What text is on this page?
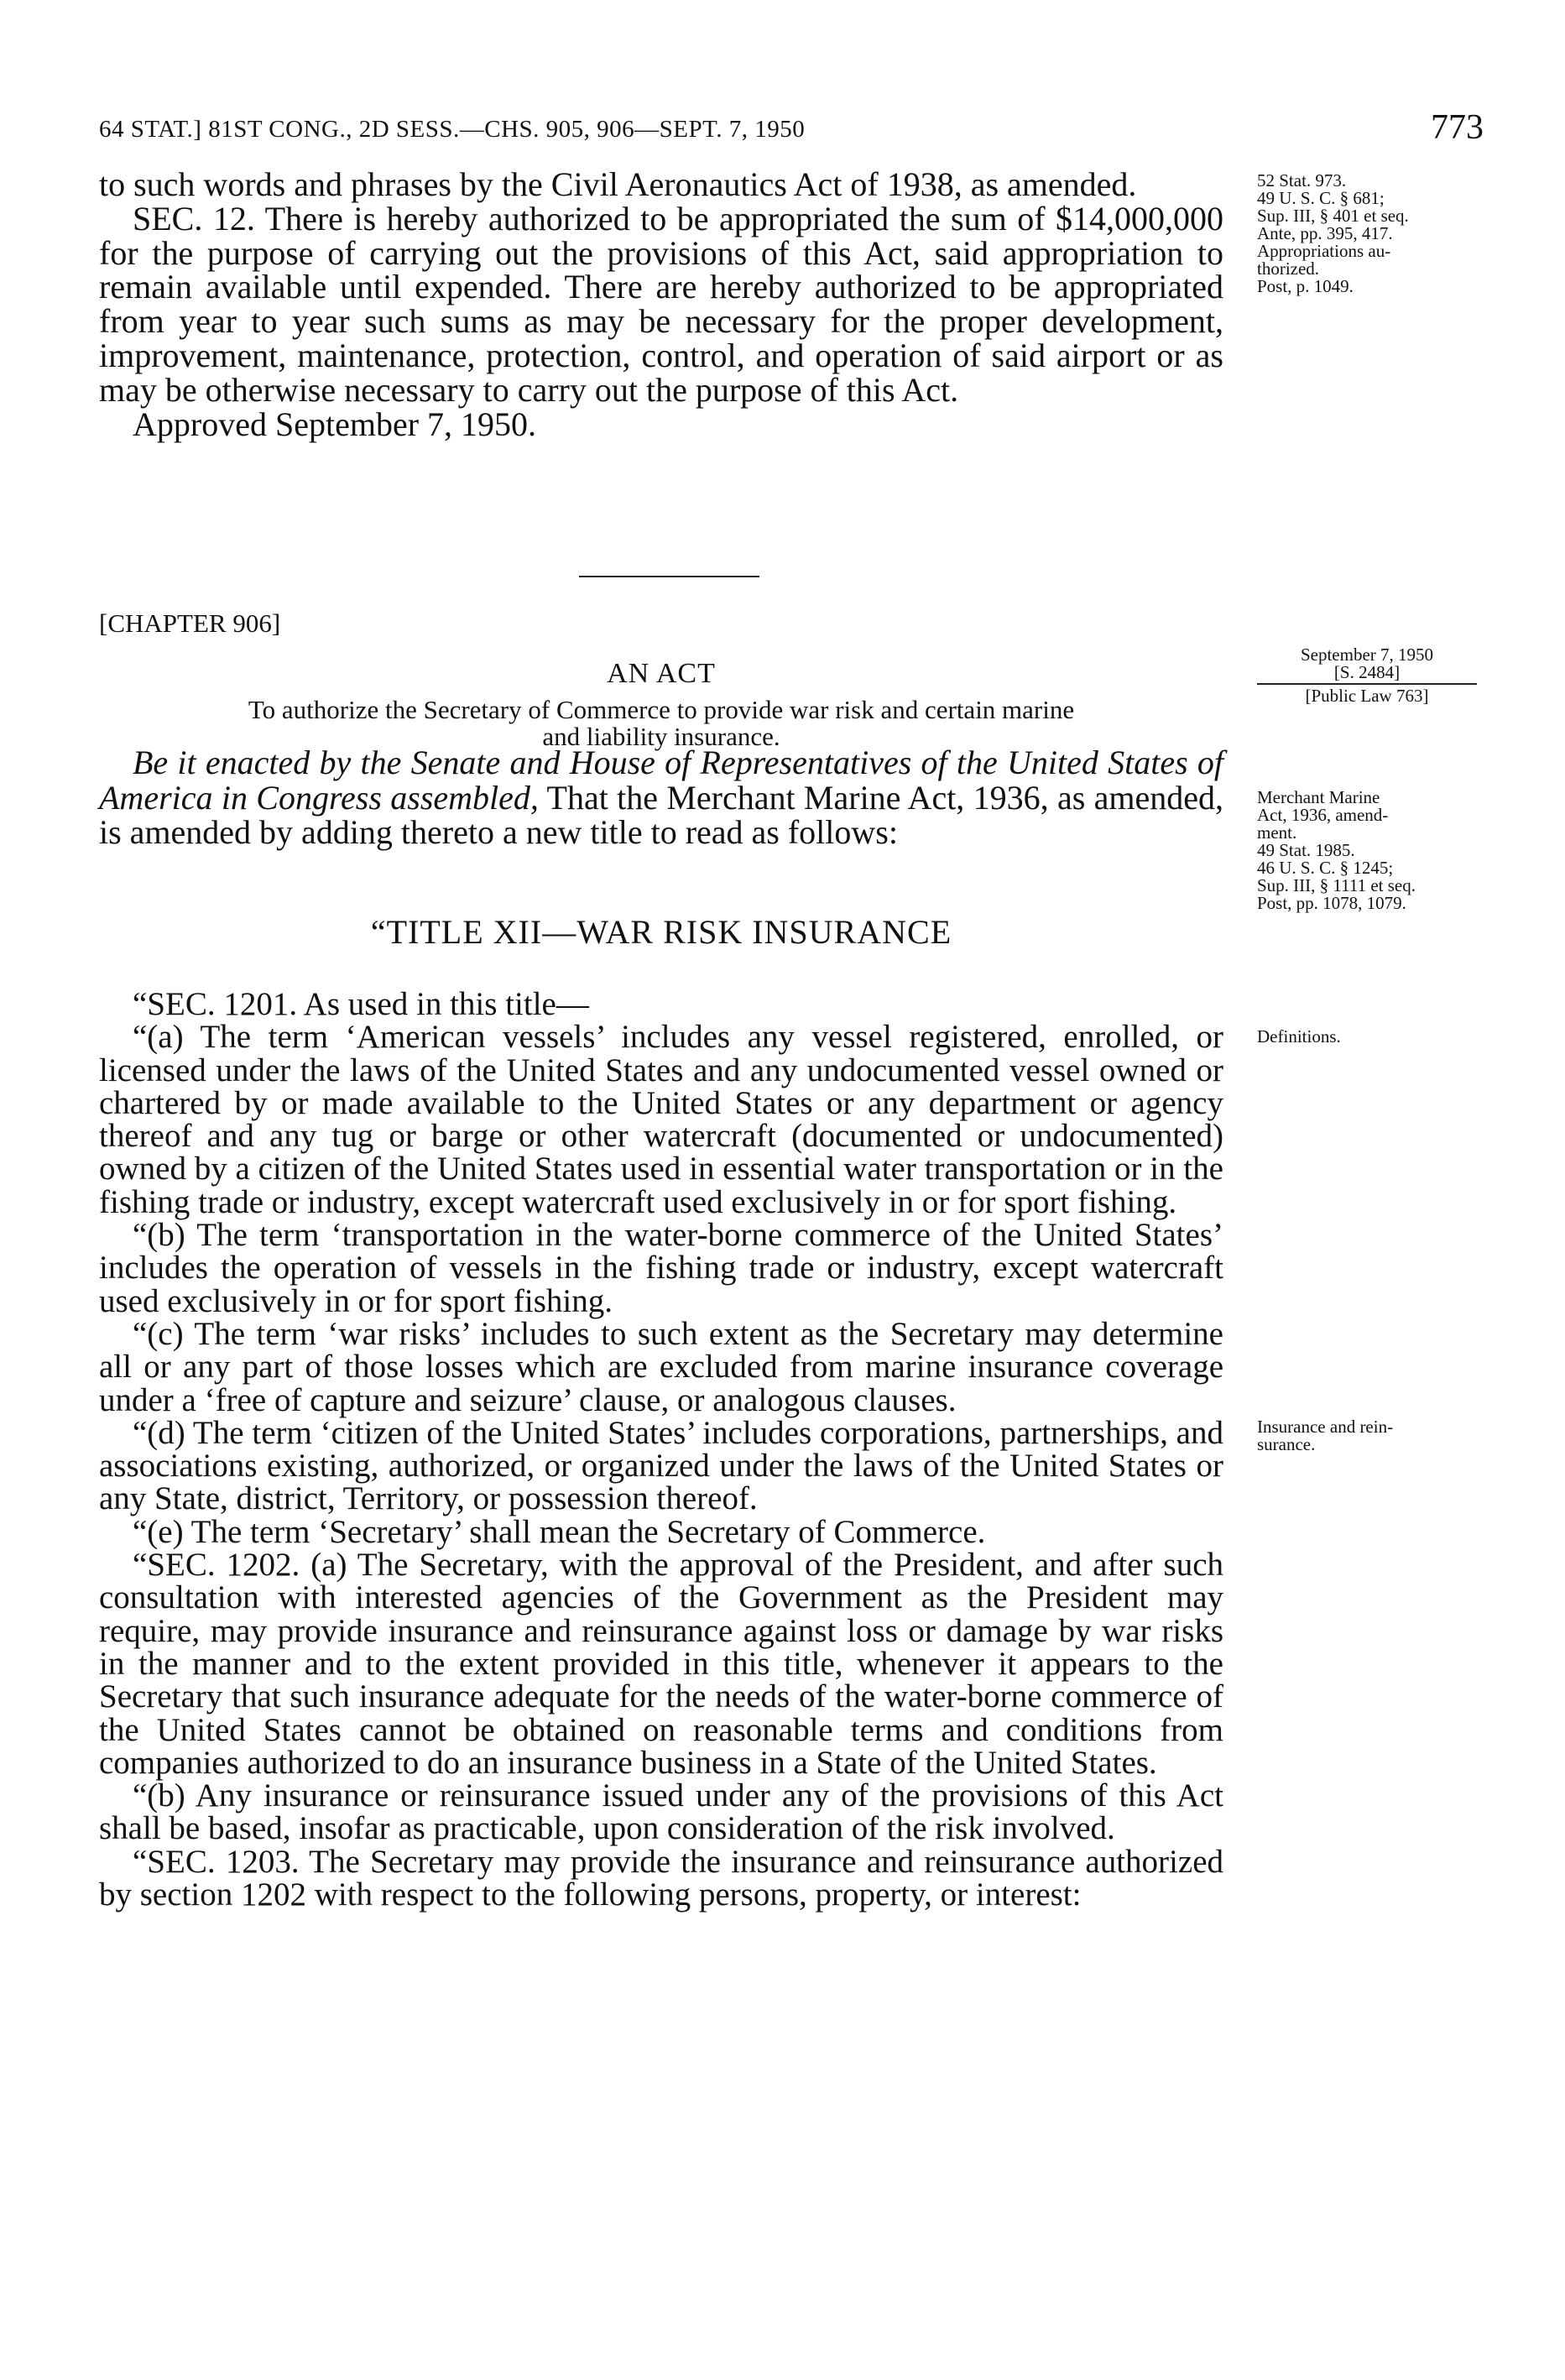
64 STAT.] 81ST CONG., 2D SESS.—CHS. 905, 906—SEPT. 7, 1950	773

to such words and phrases by the Civil Aeronautics Act of 1938, as amended.

SEC. 12. There is hereby authorized to be appropriated the sum of $14,000,000 for the purpose of carrying out the provisions of this Act, said appropriation to remain available until expended. There are hereby authorized to be appropriated from year to year such sums as may be necessary for the proper development, improvement, maintenance, protection, control, and operation of said airport or as may be otherwise necessary to carry out the purpose of this Act.

Approved September 7, 1950.

[CHAPTER 906]
AN ACT
To authorize the Secretary of Commerce to provide war risk and certain marine
and liability insurance.

Be it enacted by the Senate and House of Representatives of the United States of America in Congress assembled, That the Merchant Marine Act, 1936, as amended, is amended by adding thereto a new title to read as follows:

“TITLE XII—WAR RISK INSURANCE

“SEC. 1201. As used in this title—

“(a) The term ‘American vessels’ includes any vessel registered, enrolled, or licensed under the laws of the United States and any undocumented vessel owned or chartered by or made available to the United States or any department or agency thereof and any tug or barge or other watercraft (documented or undocumented) owned by a citizen of the United States used in essential water transportation or in the fishing trade or industry, except watercraft used exclusively in or for sport fishing.

“(b) The term ‘transportation in the water-borne commerce of the United States’ includes the operation of vessels in the fishing trade or industry, except watercraft used exclusively in or for sport fishing.

“(c) The term ‘war risks’ includes to such extent as the Secretary may determine all or any part of those losses which are excluded from marine insurance coverage under a ‘free of capture and seizure’ clause, or analogous clauses.

“(d) The term ‘citizen of the United States’ includes corporations, partnerships, and associations existing, authorized, or organized under the laws of the United States or any State, district, Territory, or possession thereof.

“(e) The term ‘Secretary’ shall mean the Secretary of Commerce.

“SEC. 1202. (a) The Secretary, with the approval of the President, and after such consultation with interested agencies of the Government as the President may require, may provide insurance and reinsurance against loss or damage by war risks in the manner and to the extent provided in this title, whenever it appears to the Secretary that such insurance adequate for the needs of the water-borne commerce of the United States cannot be obtained on reasonable terms and conditions from companies authorized to do an insurance business in a State of the United States.

“(b) Any insurance or reinsurance issued under any of the provisions of this Act shall be based, insofar as practicable, upon consideration of the risk involved.

“SEC. 1203. The Secretary may provide the insurance and reinsurance authorized by section 1202 with respect to the following persons, property, or interest:

52 Stat. 973.
49 U. S. C. § 681;
Sup. III, § 401 et seq.
Ante, pp. 395, 417.
Appropriations au-
thorized.
Post, p. 1049.
September 7, 1950
[S. 2484]
[Public Law 763]
Merchant Marine
Act, 1936, amend-
ment.
49 Stat. 1985.
46 U. S. C. § 1245;
Sup. III, § 1111 et seq.
Post, pp. 1078, 1079.
Definitions.
Insurance and rein-
surance.
